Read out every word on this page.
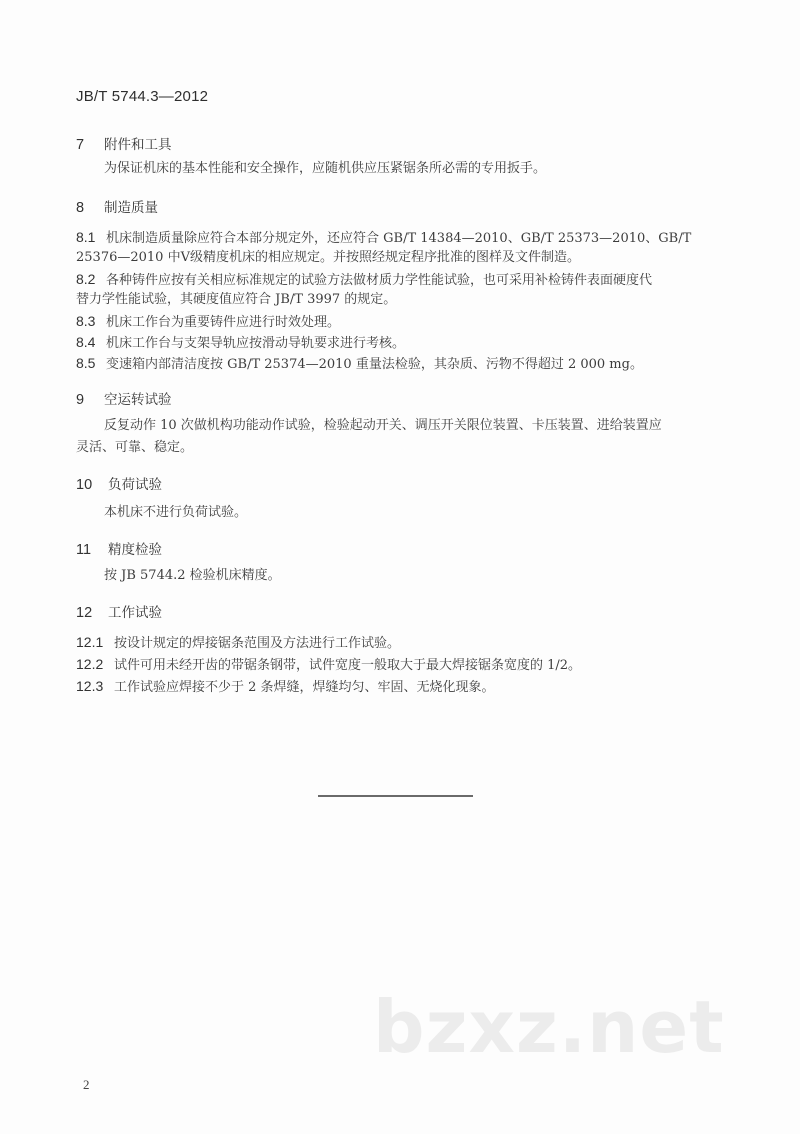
JB/T 5744.3—2012
7 附件和工具
为保证机床的基本性能和安全操作，应随机供应压紧锯条所必需的专用扳手。
8 制造质量
8.1 机床制造质量除应符合本部分规定外，还应符合 GB/T 14384—2010、GB/T 25373—2010、GB/T
25376—2010 中Ⅴ级精度机床的相应规定。并按照经规定程序批准的图样及文件制造。
8.2 各种铸件应按有关相应标准规定的试验方法做材质力学性能试验，也可采用补检铸件表面硬度代
替力学性能试验，其硬度值应符合 JB/T 3997 的规定。
8.3 机床工作台为重要铸件应进行时效处理。
8.4 机床工作台与支架导轨应按滑动导轨要求进行考核。
8.5 变速箱内部清洁度按 GB/T 25374—2010 重量法检验，其杂质、污物不得超过 2 000 mg。
9 空运转试验
反复动作 10 次做机构功能动作试验，检验起动开关、调压开关限位装置、卡压装置、进给装置应
灵活、可靠、稳定。
10 负荷试验
本机床不进行负荷试验。
11 精度检验
按 JB 5744.2 检验机床精度。
12 工作试验
12.1 按设计规定的焊接锯条范围及方法进行工作试验。
12.2 试件可用未经开齿的带锯条钢带，试件宽度一般取大于最大焊接锯条宽度的 1/2。
12.3 工作试验应焊接不少于 2 条焊缝，焊缝均匀、牢固、无烧化现象。
bzxz.net
2
